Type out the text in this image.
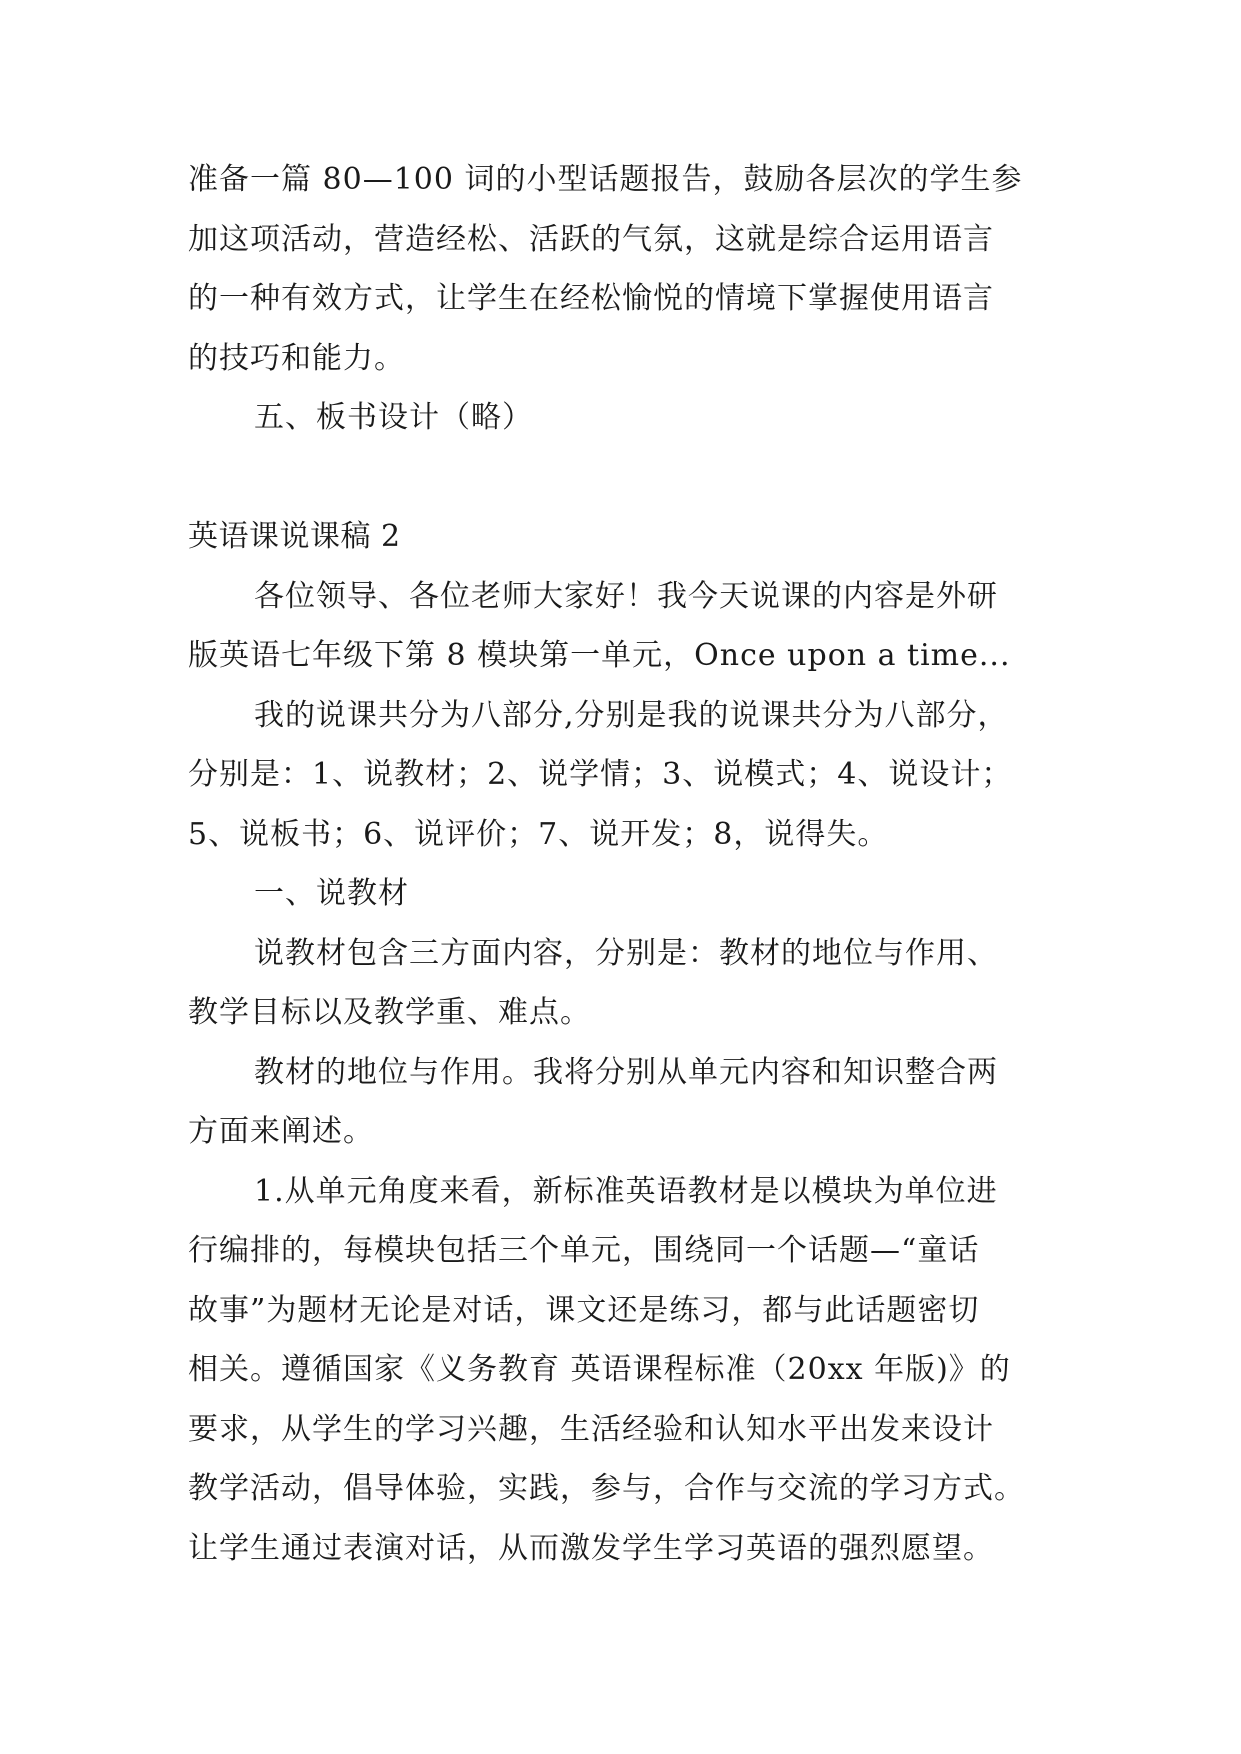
准备一篇 80—100 词的小型话题报告，鼓励各层次的学生参
加这项活动，营造经松、活跃的气氛，这就是综合运用语言
的一种有效方式，让学生在经松愉悦的情境下掌握使用语言
的技巧和能力。
五、板书设计（略）
英语课说课稿 2
各位领导、各位老师大家好！我今天说课的内容是外研
版英语七年级下第 8 模块第一单元，Once upon a time...
我的说课共分为八部分,分别是我的说课共分为八部分，
分别是：1、说教材；2、说学情；3、说模式；4、说设计；
5、说板书；6、说评价；7、说开发；8，说得失。
一、说教材
说教材包含三方面内容，分别是：教材的地位与作用、
教学目标以及教学重、难点。
教材的地位与作用。我将分别从单元内容和知识整合两
方面来阐述。
1.从单元角度来看，新标准英语教材是以模块为单位进
行编排的，每模块包括三个单元，围绕同一个话题—“童话
故事”为题材无论是对话，课文还是练习，都与此话题密切
相关。遵循国家《义务教育 英语课程标准（20xx 年版)》的
要求，从学生的学习兴趣，生活经验和认知水平出发来设计
教学活动，倡导体验，实践，参与，合作与交流的学习方式。
让学生通过表演对话，从而激发学生学习英语的强烈愿望。
